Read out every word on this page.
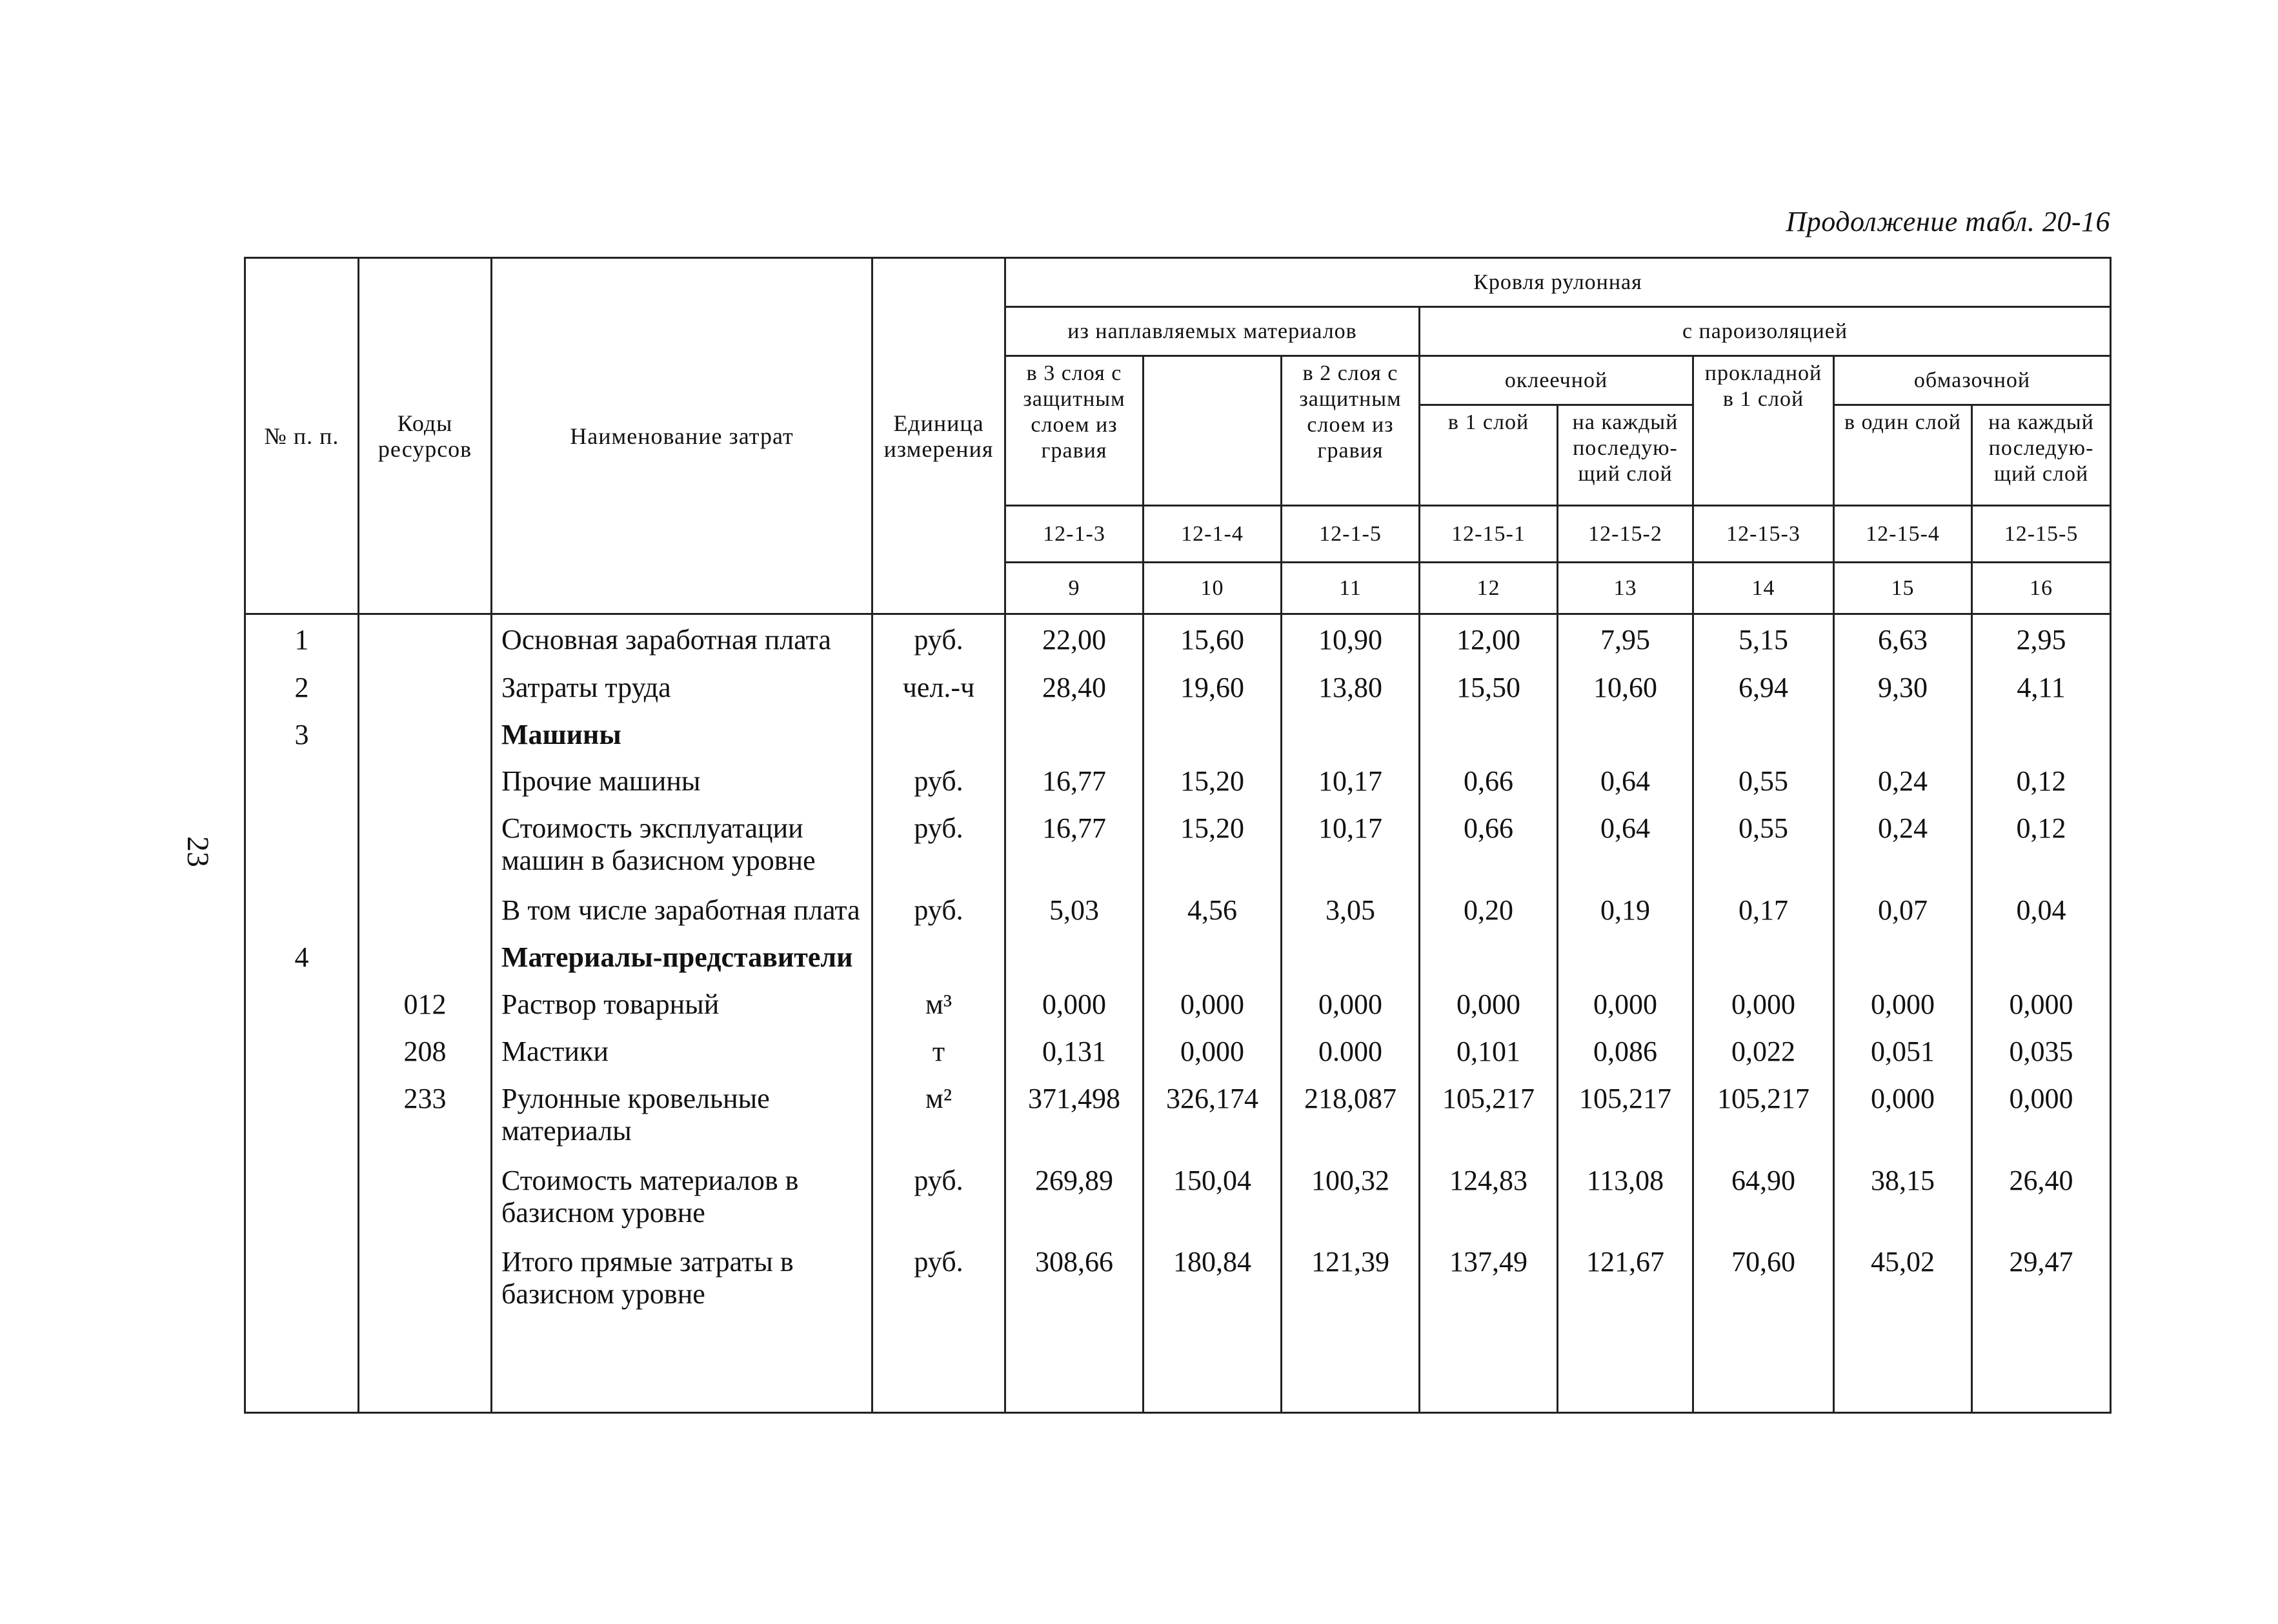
Продолжение табл. 20-16
23
№ п. п.	Коды ресурсов	Наименование затрат	Единица измерения	Кровля рулонная							
				из наплавляемых материалов			с пароизоляцией				
				в 3 слоя с защитным слоем из гравия		в 2 слоя с защитным слоем из гравия	оклеечной		прокладной в 1 слой	обмазочной	
							в 1 слой	на каждый последую-щий слой		в один слой	на каждый последую-щий слой
				12-1-3	12-1-4	12-1-5	12-15-1	12-15-2	12-15-3	12-15-4	12-15-5
				9	10	11	12	13	14	15	16
1		Основная заработная плата	руб.	22,00	15,60	10,90	12,00	7,95	5,15	6,63	2,95
2		Затраты труда	чел.-ч	28,40	19,60	13,80	15,50	10,60	6,94	9,30	4,11
3		Машины									
		Прочие машины	руб.	16,77	15,20	10,17	0,66	0,64	0,55	0,24	0,12
		Стоимость эксплуатации машин в базисном уровне	руб.	16,77	15,20	10,17	0,66	0,64	0,55	0,24	0,12
		В том числе заработная плата	руб.	5,03	4,56	3,05	0,20	0,19	0,17	0,07	0,04
4		Материалы-представители									
	012	Раствор товарный	м³	0,000	0,000	0,000	0,000	0,000	0,000	0,000	0,000
	208	Мастики	т	0,131	0,000	0.000	0,101	0,086	0,022	0,051	0,035
	233	Рулонные кровельные материалы	м²	371,498	326,174	218,087	105,217	105,217	105,217	0,000	0,000
		Стоимость материалов в базисном уровне	руб.	269,89	150,04	100,32	124,83	113,08	64,90	38,15	26,40
		Итого прямые затраты в базисном уровне	руб.	308,66	180,84	121,39	137,49	121,67	70,60	45,02	29,47
